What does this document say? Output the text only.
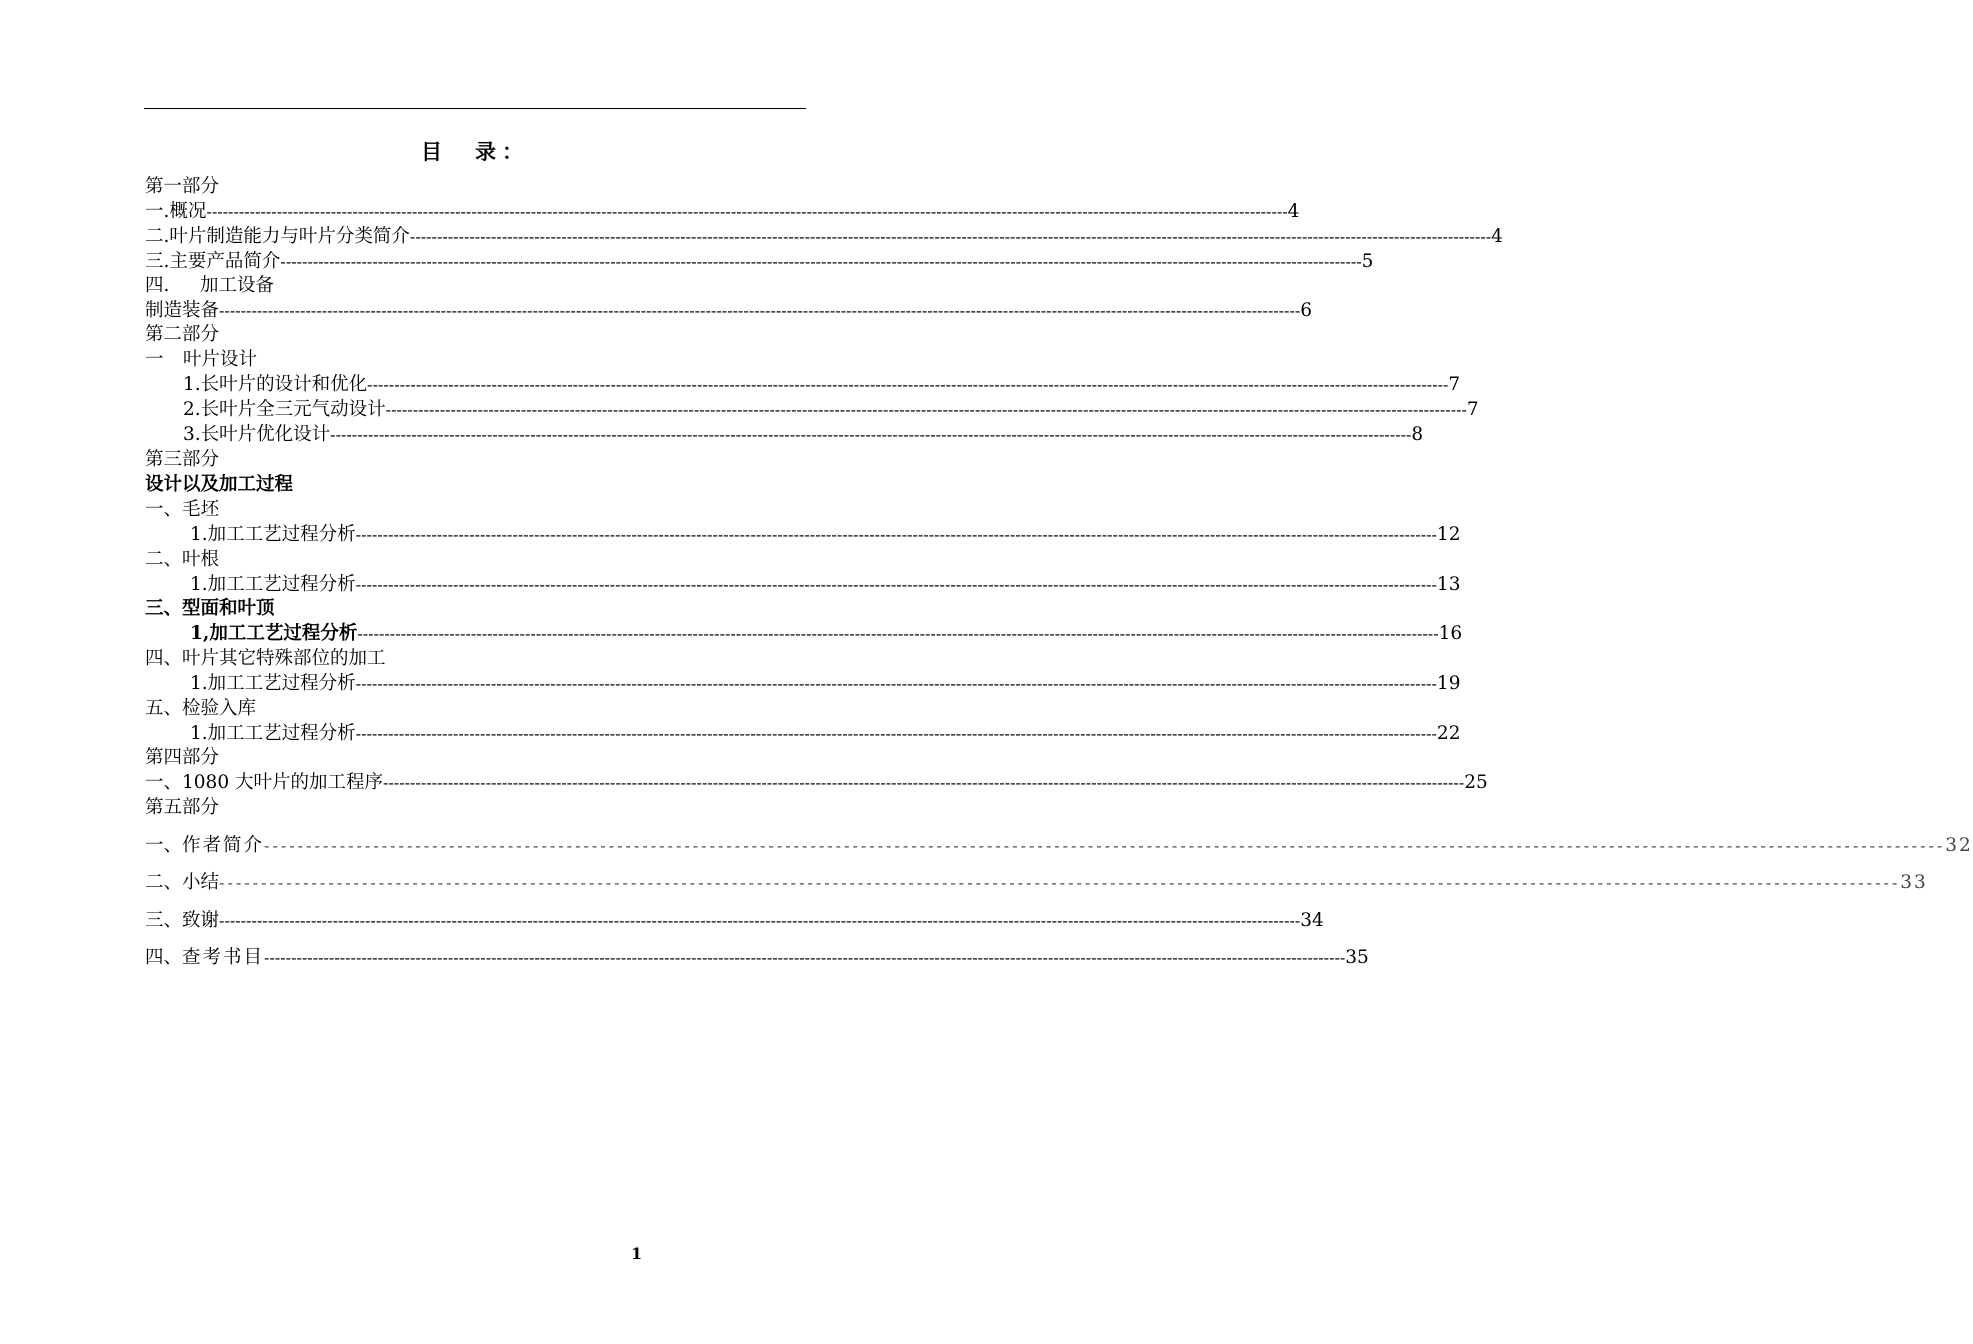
目　录：
第一部分
一. 概况 -------------------------------------------------------------------------------------------------------------------------------------------------------------------------------------------------------- 4
二. 叶片制造能力与叶片分类简介 -------------------------------------------------------------------------------------------------------------------------------------------------------------------------------------------------------- 4
三. 主要产品简介 -------------------------------------------------------------------------------------------------------------------------------------------------------------------------------------------------------- 5
四.	加工设备
制造装备 -------------------------------------------------------------------------------------------------------------------------------------------------------------------------------------------------------- 6
第二部分
一	叶片设计
1. 长叶片的设计和优化 -------------------------------------------------------------------------------------------------------------------------------------------------------------------------------------------------------- 7
2. 长叶片全三元气动设计 -------------------------------------------------------------------------------------------------------------------------------------------------------------------------------------------------------- 7
3. 长叶片优化设计 -------------------------------------------------------------------------------------------------------------------------------------------------------------------------------------------------------- 8
第三部分
设计以及加工过程
一、毛坯
1. 加工工艺过程分析 -------------------------------------------------------------------------------------------------------------------------------------------------------------------------------------------------------- 12
二、叶根
1. 加工工艺过程分析 -------------------------------------------------------------------------------------------------------------------------------------------------------------------------------------------------------- 13
三、型面和叶顶
1, 加工工艺过程分析 -------------------------------------------------------------------------------------------------------------------------------------------------------------------------------------------------------- 16
四、叶片其它特殊部位的加工
1. 加工工艺过程分析 -------------------------------------------------------------------------------------------------------------------------------------------------------------------------------------------------------- 19
五、检验入库
1. 加工工艺过程分析 -------------------------------------------------------------------------------------------------------------------------------------------------------------------------------------------------------- 22
第四部分
一、 1080 大叶片的加工程序 -------------------------------------------------------------------------------------------------------------------------------------------------------------------------------------------------------- 25
第五部分
一、 作者简介 -------------------------------------------------------------------------------------------------------------------------------------------------------------------------------------------------------- 32
二、 小结 -------------------------------------------------------------------------------------------------------------------------------------------------------------------------------------------------------- 33
三、 致谢 -------------------------------------------------------------------------------------------------------------------------------------------------------------------------------------------------------- 34
四、 查考书目 -------------------------------------------------------------------------------------------------------------------------------------------------------------------------------------------------------- 35
1
